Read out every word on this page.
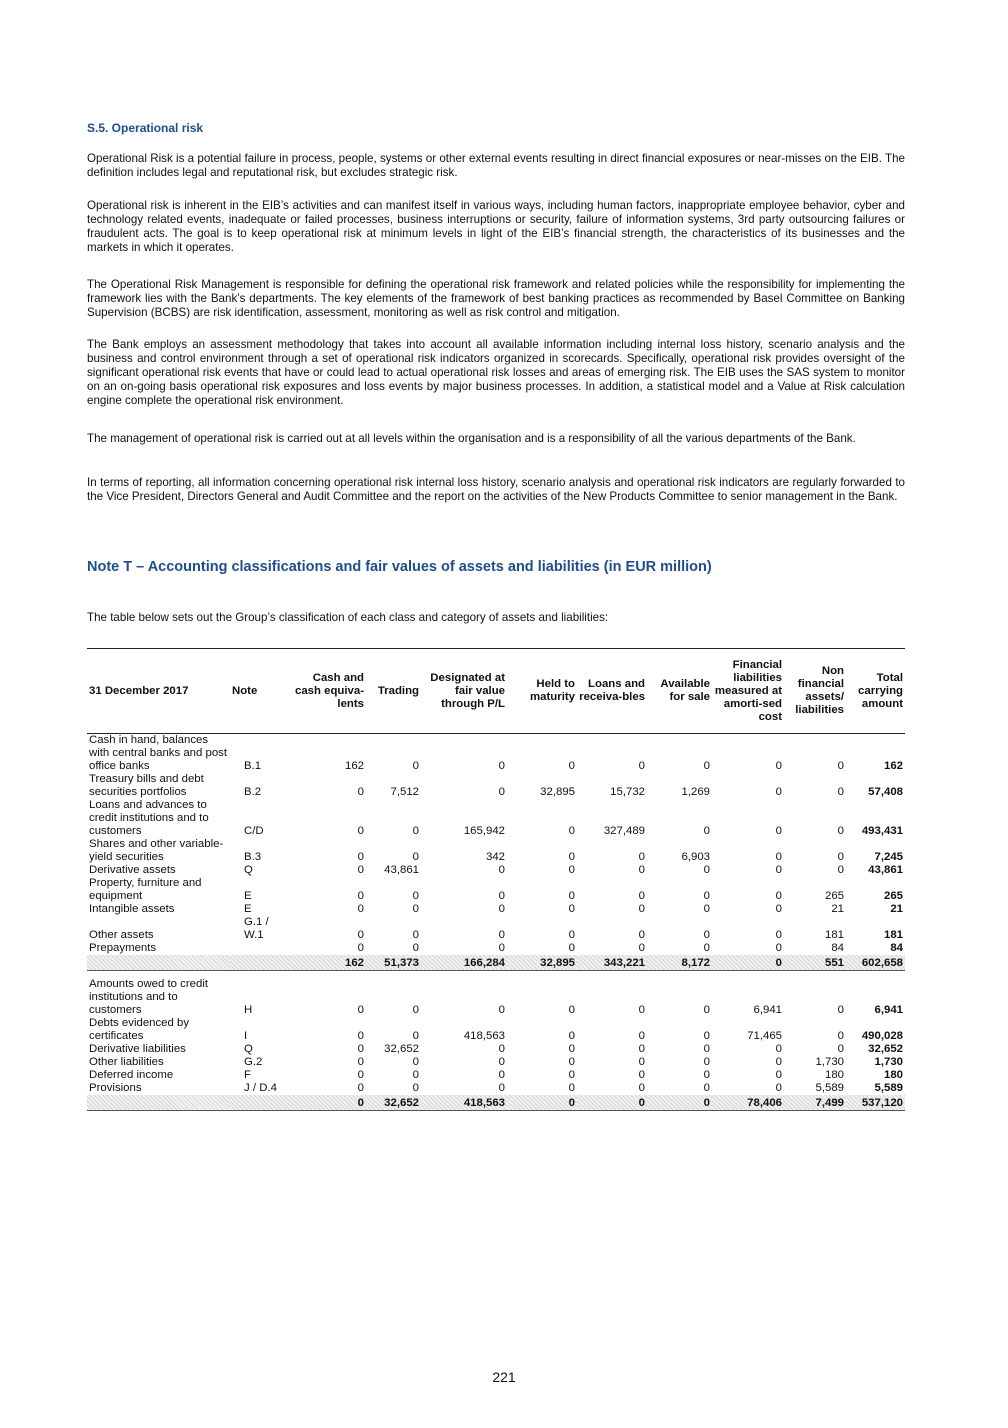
S.5. Operational risk

Operational Risk is a potential failure in process, people, systems or other external events resulting in direct financial exposures or near-misses on the EIB. The definition includes legal and reputational risk, but excludes strategic risk.

Operational risk is inherent in the EIB’s activities and can manifest itself in various ways, including human factors, inappropriate employee behavior, cyber and technology related events, inadequate or failed processes, business interruptions or security, failure of information systems, 3rd party outsourcing failures or fraudulent acts. The goal is to keep operational risk at minimum levels in light of the EIB’s financial strength, the characteristics of its businesses and the markets in which it operates.

The Operational Risk Management is responsible for defining the operational risk framework and related policies while the responsibility for implementing the framework lies with the Bank’s departments. The key elements of the framework of best banking practices as recommended by Basel Committee on Banking Supervision (BCBS) are risk identification, assessment, monitoring as well as risk control and mitigation.

The Bank employs an assessment methodology that takes into account all available information including internal loss history, scenario analysis and the business and control environment through a set of operational risk indicators organized in scorecards. Specifically, operational risk provides oversight of the significant operational risk events that have or could lead to actual operational risk losses and areas of emerging risk. The EIB uses the SAS system to monitor on an on-going basis operational risk exposures and loss events by major business processes. In addition, a statistical model and a Value at Risk calculation engine complete the operational risk environment.

The management of operational risk is carried out at all levels within the organisation and is a responsibility of all the various departments of the Bank.

In terms of reporting, all information concerning operational risk internal loss history, scenario analysis and operational risk indicators are regularly forwarded to the Vice President, Directors General and Audit Committee and the report on the activities of the New Products Committee to senior management in the Bank.

Note T – Accounting classifications and fair values of assets and liabilities (in EUR million)

The table below sets out the Group’s classification of each class and category of assets and liabilities:

31 December 2017	Note	Cash and cash equiva-lents	Trading	Designated at fair value through P/L	Held to maturity	Loans and receiva-bles	Available for sale	Financial liabilities measured at amorti-sed cost	Non financial assets/ liabilities	Total carrying amount
Cash in hand, balances with central banks and post office banks	B.1	162	0	0	0	0	0	0	0	162
Treasury bills and debt securities portfolios	B.2	0	7,512	0	32,895	15,732	1,269	0	0	57,408
Loans and advances to credit institutions and to customers	C/D	0	0	165,942	0	327,489	0	0	0	493,431
Shares and other variable-yield securities	B.3	0	0	342	0	0	6,903	0	0	7,245
Derivative assets	Q	0	43,861	0	0	0	0	0	0	43,861
Property, furniture and equipment	E	0	0	0	0	0	0	0	265	265
Intangible assets	E	0	0	0	0	0	0	0	21	21
Other assets	G.1 / W.1	0	0	0	0	0	0	0	181	181
Prepayments		0	0	0	0	0	0	0	84	84
		162	51,373	166,284	32,895	343,221	8,172	0	551	602,658

Amounts owed to credit institutions and to customers	H	0	0	0	0	0	0	6,941	0	6,941
Debts evidenced by certificates	I	0	0	418,563	0	0	0	71,465	0	490,028
Derivative liabilities	Q	0	32,652	0	0	0	0	0	0	32,652
Other liabilities	G.2	0	0	0	0	0	0	0	1,730	1,730
Deferred income	F	0	0	0	0	0	0	0	180	180
Provisions	J / D.4	0	0	0	0	0	0	0	5,589	5,589
		0	32,652	418,563	0	0	0	78,406	7,499	537,120
221
